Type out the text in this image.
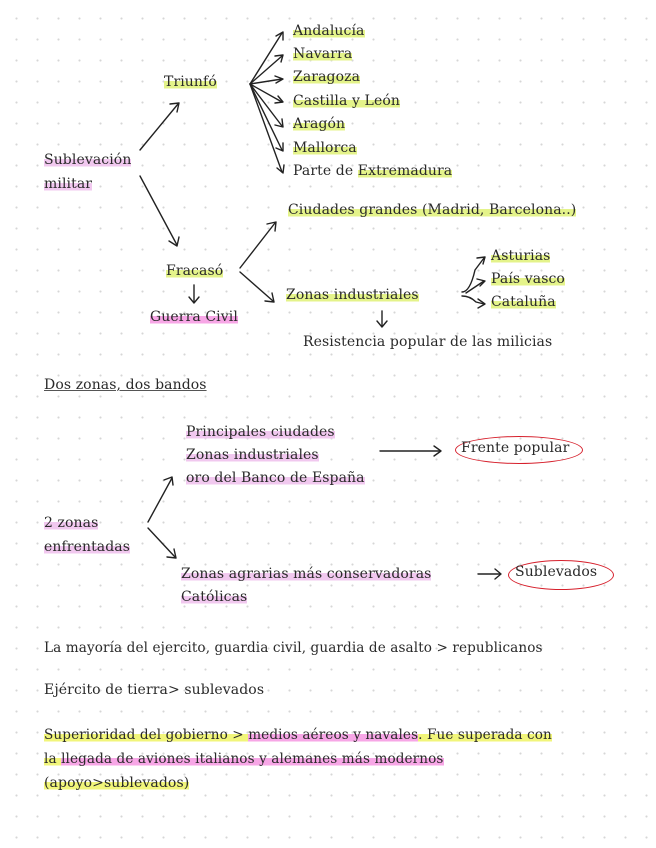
Sublevación
militar
Triunfó
Andalucía
Navarra
Zaragoza
Castilla y León
Aragón
Mallorca
Parte de Extremadura
Fracasó
Guerra Civil
Ciudades grandes (Madrid, Barcelona..)
Zonas industriales
Asturias
País vasco
Cataluña
Resistencia popular de las milicias
Dos zonas, dos bandos
Principales ciudades
Zonas industriales
oro del Banco de España
Frente popular
2 zonas
enfrentadas
Zonas agrarias más conservadoras
Católicas
Sublevados
La mayoría del ejercito, guardia civil, guardia de asalto > republicanos
Ejército de tierra> sublevados
Superioridad del gobierno > medios aéreos y navales. Fue superada con
la llegada de aviones italianos y alemanes más modernos
(apoyo>sublevados)
